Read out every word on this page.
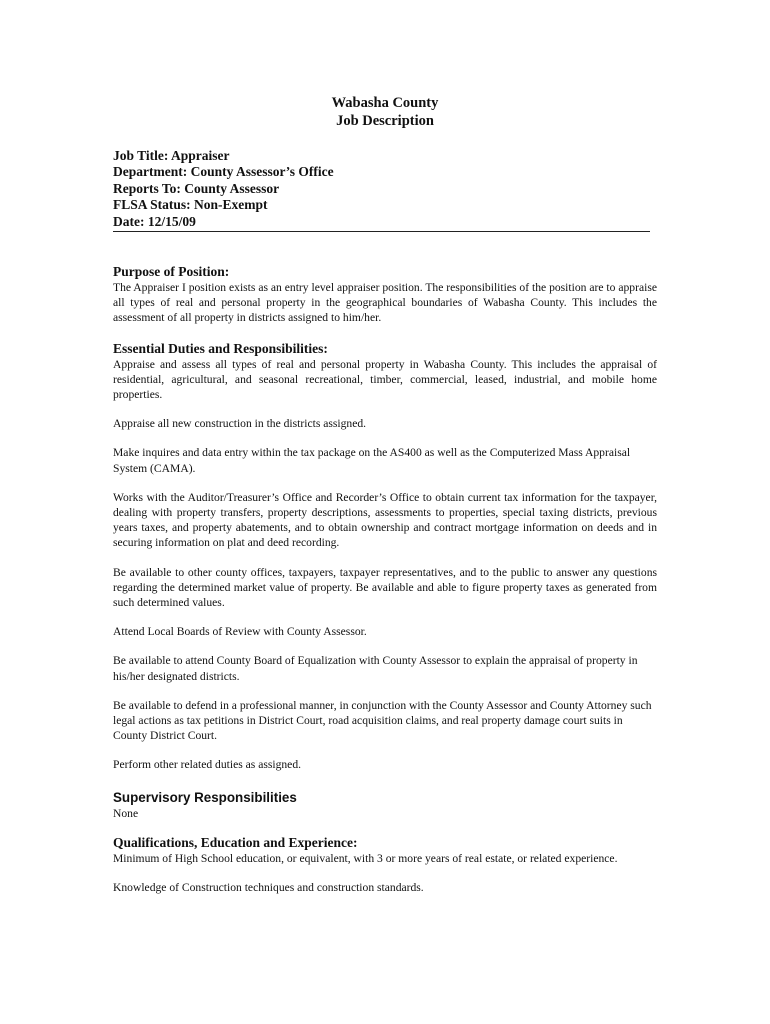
Wabasha County
Job Description
Job Title: Appraiser
Department: County Assessor’s Office
Reports To: County Assessor
FLSA Status: Non-Exempt
Date: 12/15/09
Purpose of Position:

The Appraiser I position exists as an entry level appraiser position. The responsibilities of the position are to appraise all types of real and personal property in the geographical boundaries of Wabasha County. This includes the assessment of all property in districts assigned to him/her.

Essential Duties and Responsibilities:

Appraise and assess all types of real and personal property in Wabasha County. This includes the appraisal of residential, agricultural, and seasonal recreational, timber, commercial, leased, industrial, and mobile home properties.

Appraise all new construction in the districts assigned.

Make inquires and data entry within the tax package on the AS400 as well as the Computerized Mass Appraisal System (CAMA).

Works with the Auditor/Treasurer’s Office and Recorder’s Office to obtain current tax information for the taxpayer, dealing with property transfers, property descriptions, assessments to properties, special taxing districts, previous years taxes, and property abatements, and to obtain ownership and contract mortgage information on deeds and in securing information on plat and deed recording.

Be available to other county offices, taxpayers, taxpayer representatives, and to the public to answer any questions regarding the determined market value of property. Be available and able to figure property taxes as generated from such determined values.

Attend Local Boards of Review with County Assessor.

Be available to attend County Board of Equalization with County Assessor to explain the appraisal of property in his/her designated districts.

Be available to defend in a professional manner, in conjunction with the County Assessor and County Attorney such legal actions as tax petitions in District Court, road acquisition claims, and real property damage court suits in County District Court.

Perform other related duties as assigned.

Supervisory Responsibilities

None

Qualifications, Education and Experience:

Minimum of High School education, or equivalent, with 3 or more years of real estate, or related experience.

Knowledge of Construction techniques and construction standards.
